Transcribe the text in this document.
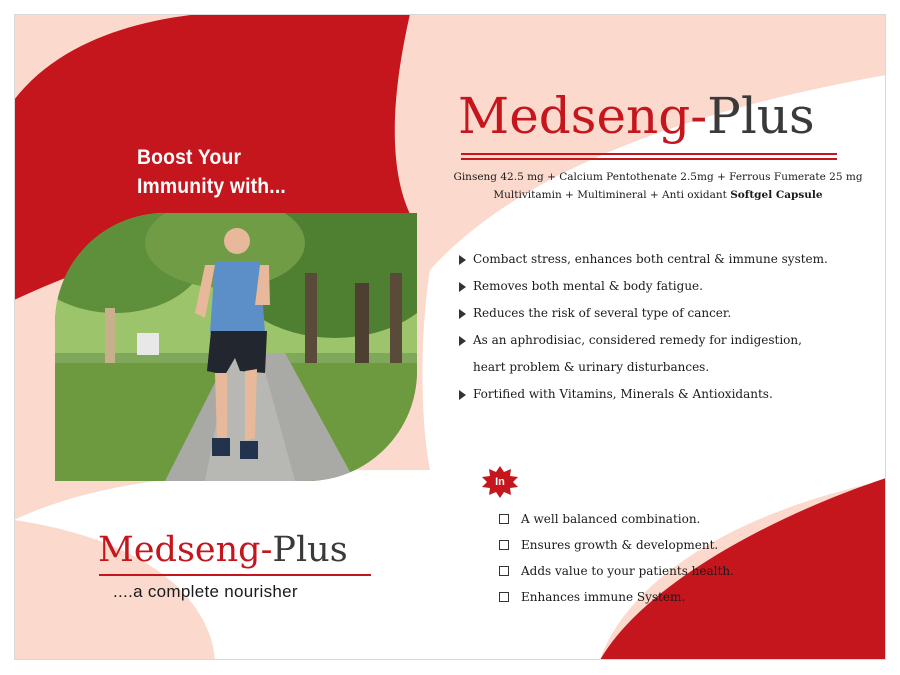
Boost Your
Immunity with...
Medseng-Plus
Ginseng 42.5 mg + Calcium Pentothenate 2.5mg + Ferrous Fumerate 25 mg
Multivitamin + Multimineral + Anti oxidant Softgel Capsule
Combact stress, enhances both central & immune system.
Removes both mental & body fatigue.
Reduces the risk of several type of cancer.
As an aphrodisiac, considered remedy for indigestion,
heart problem & urinary disturbances.
Fortified with Vitamins, Minerals & Antioxidants.
In
A well balanced combination.
Ensures growth & development.
Adds value to your patients health.
Enhances immune System.
Medseng-Plus
....a complete nourisher
